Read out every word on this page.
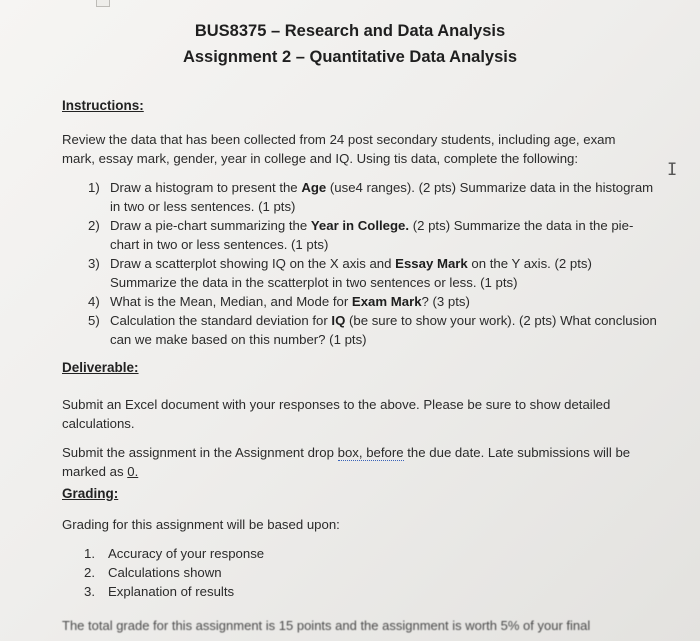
BUS8375 – Research and Data Analysis
Assignment 2 – Quantitative Data Analysis
Instructions:
Review the data that has been collected from 24 post secondary students, including age, exam mark, essay mark, gender, year in college and IQ. Using tis data, complete the following:
1) Draw a histogram to present the Age (use4 ranges). (2 pts) Summarize data in the histogram in two or less sentences. (1 pts)
2) Draw a pie-chart summarizing the Year in College. (2 pts) Summarize the data in the pie-chart in two or less sentences. (1 pts)
3) Draw a scatterplot showing IQ on the X axis and Essay Mark on the Y axis. (2 pts) Summarize the data in the scatterplot in two sentences or less. (1 pts)
4) What is the Mean, Median, and Mode for Exam Mark? (3 pts)
5) Calculation the standard deviation for IQ (be sure to show your work). (2 pts) What conclusion can we make based on this number? (1 pts)
Deliverable:
Submit an Excel document with your responses to the above. Please be sure to show detailed calculations.
Submit the assignment in the Assignment drop box, before the due date. Late submissions will be marked as 0.
Grading:
Grading for this assignment will be based upon:
1. Accuracy of your response
2. Calculations shown
3. Explanation of results
The total grade for this assignment is 15 points and the assignment is worth 5% of your final
I
